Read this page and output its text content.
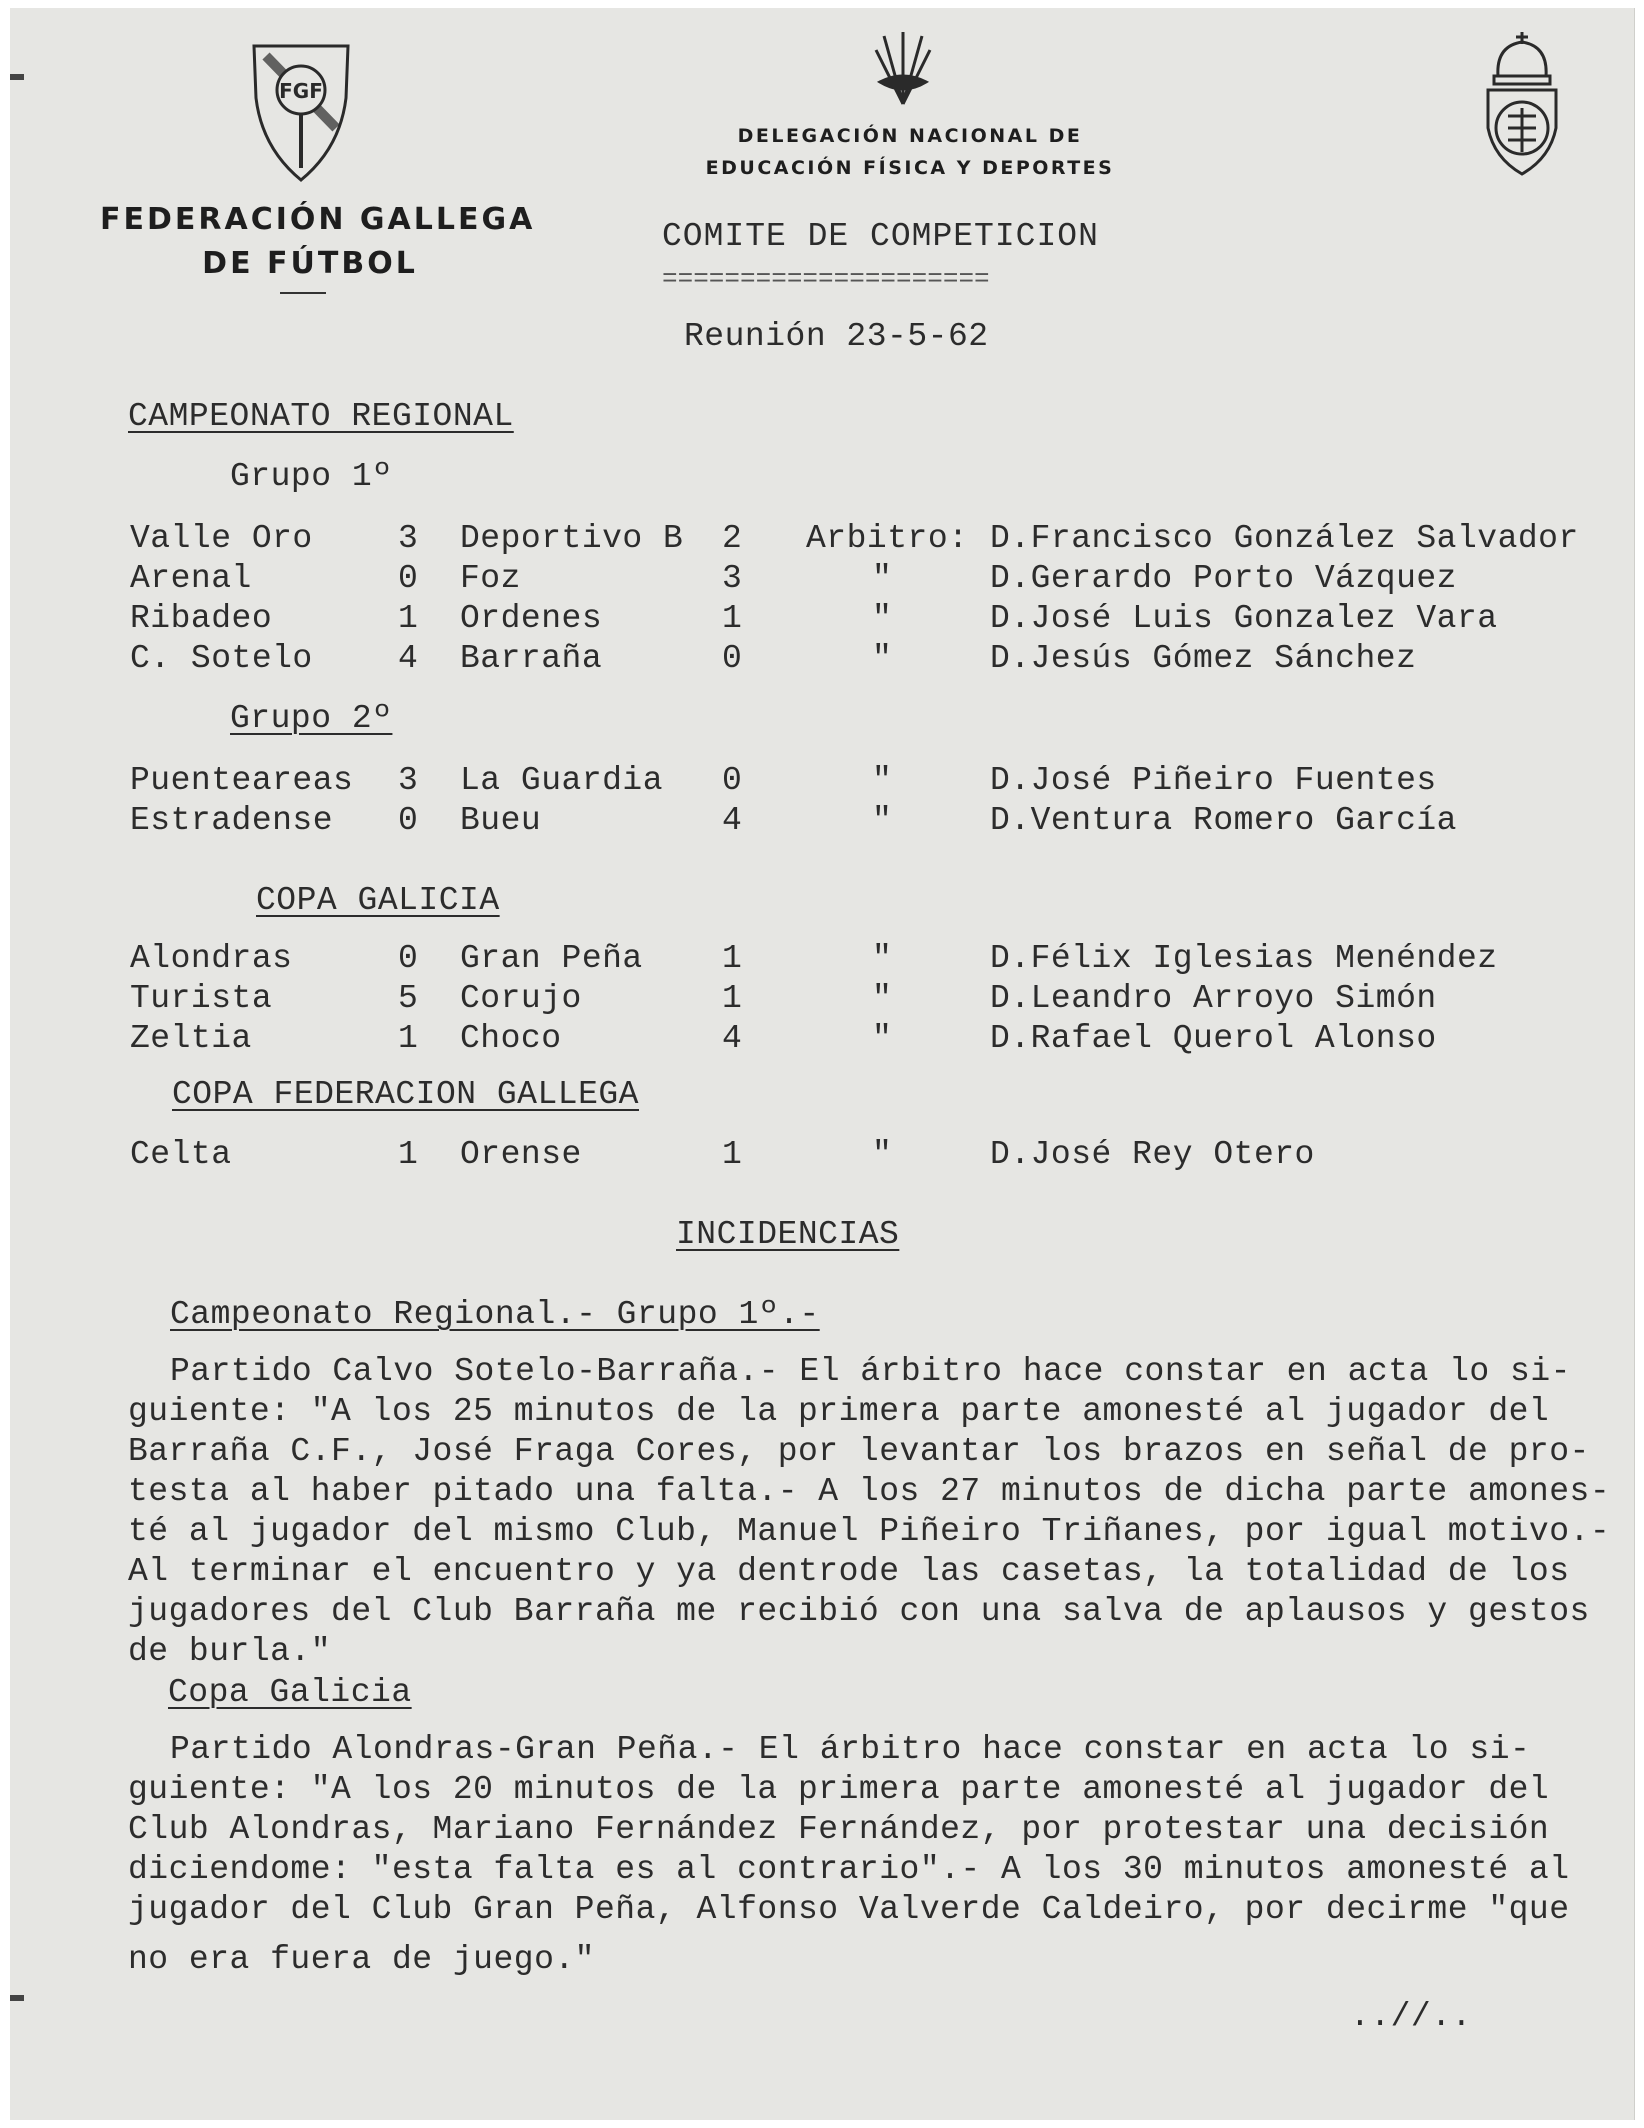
FGF
FEDERACIÓN GALLEGA
DE FÚTBOL
DELEGACIÓN NACIONAL DE
EDUCACIÓN FÍSICA Y DEPORTES
COMITE DE COMPETICION
=====================
Reunión 23-5-62
CAMPEONATO REGIONAL
Grupo 1º
Valle Oro	3 Deportivo B 2 Arbitro: D.Francisco González Salvador
Arenal	0 Foz	3	"	D.Gerardo Porto Vázquez
Ribadeo	1 Ordenes	1	"	D.José Luis Gonzalez Vara
C. Sotelo	4 Barraña	0	"	D.Jesús Gómez Sánchez
Grupo 2º
Puenteareas 3 La Guardia 0	"	D.José Piñeiro Fuentes
Estradense 0 Bueu	4	"	D.Ventura Romero García
COPA GALICIA
Alondras	0 Gran Peña 1	"	D.Félix Iglesias Menéndez
Turista	5 Corujo	1	"	D.Leandro Arroyo Simón
Zeltia	1 Choco	4	"	D.Rafael Querol Alonso
COPA FEDERACION GALLEGA
Celta	1 Orense	1	"	D.José Rey Otero
INCIDENCIAS
Campeonato Regional.- Grupo 1º.-
Partido Calvo Sotelo-Barraña.- El árbitro hace constar en acta lo si-
guiente: "A los 25 minutos de la primera parte amonesté al jugador del
Barraña C.F., José Fraga Cores, por levantar los brazos en señal de pro-
testa al haber pitado una falta.- A los 27 minutos de dicha parte amones-
té al jugador del mismo Club, Manuel Piñeiro Triñanes, por igual motivo.-
Al terminar el encuentro y ya dentrode las casetas, la totalidad de los
jugadores del Club Barraña me recibió con una salva de aplausos y gestos
de burla."
Copa Galicia
Partido Alondras-Gran Peña.- El árbitro hace constar en acta lo si-
guiente: "A los 20 minutos de la primera parte amonesté al jugador del
Club Alondras, Mariano Fernández Fernández, por protestar una decisión
diciendome: "esta falta es al contrario".- A los 30 minutos amonesté al
jugador del Club Gran Peña, Alfonso Valverde Caldeiro, por decirme "que
no era fuera de juego."
..//..
